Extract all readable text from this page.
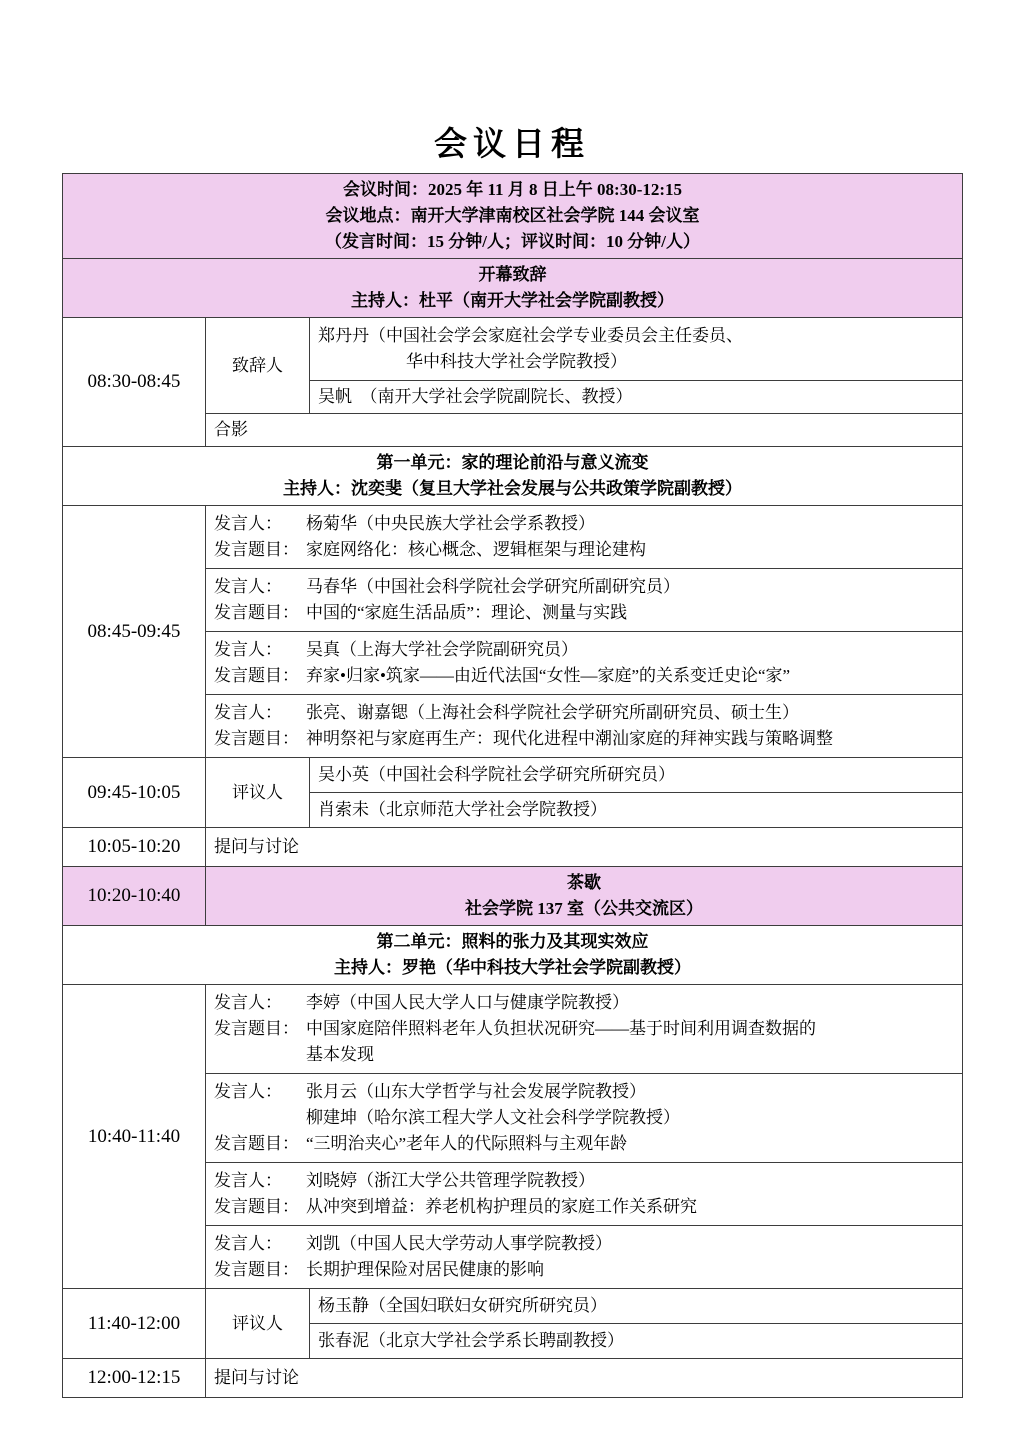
会议日程
会议时间：2025 年 11 月 8 日上午 08:30-12:15
会议地点：南开大学津南校区社会学院 144 会议室
（发言时间：15 分钟/人；评议时间：10 分钟/人）		

开幕致辞
主持人：杜平（南开大学社会学院副教授）		

08:30-08:45	致辞人	郑丹丹（中国社会学会家庭社会学专业委员会主任委员、
华中科技大学社会学院教授）

		吴帆　（南开大学社会学院副院长、教授）
	合影	

第一单元：家的理论前沿与意义流变
主持人：沈奕斐（复旦大学社会发展与公共政策学院副教授）		

08:45-09:45	发言人： 杨菊华（中央民族大学社会学系教授）
发言题目： 家庭网络化：核心概念、逻辑框架与理论建构	

	发言人： 马春华（中国社会科学院社会学研究所副研究员）
发言题目： 中国的“家庭生活品质”：理论、测量与实践	

	发言人： 吴真（上海大学社会学院副研究员）
发言题目： 弃家•归家•筑家——由近代法国“女性—家庭”的关系变迁史论“家”	

	发言人： 张亮、谢嘉锶（上海社会科学院社会学研究所副研究员、硕士生）
发言题目： 神明祭祀与家庭再生产：现代化进程中潮汕家庭的拜神实践与策略调整	

09:45-10:05	评议人	吴小英（中国社会科学院社会学研究所研究员）
		肖索未（北京师范大学社会学院教授）
10:05-10:20	提问与讨论	
10:20-10:40	茶歇
社会学院 137 室（公共交流区）	

第二单元：照料的张力及其现实效应
主持人：罗艳（华中科技大学社会学院副教授）		

10:40-11:40	发言人： 李婷（中国人民大学人口与健康学院教授）
发言题目： 中国家庭陪伴照料老年人负担状况研究——基于时间利用调查数据的
基本发现	

	发言人： 张月云（山东大学哲学与社会发展学院教授）
柳建坤（哈尔滨工程大学人文社会科学学院教授）
发言题目： “三明治夹心”老年人的代际照料与主观年龄	

	发言人： 刘晓婷（浙江大学公共管理学院教授）
发言题目： 从冲突到增益：养老机构护理员的家庭工作关系研究	

	发言人： 刘凯（中国人民大学劳动人事学院教授）
发言题目： 长期护理保险对居民健康的影响	

11:40-12:00	评议人	杨玉静（全国妇联妇女研究所研究员）
		张春泥（北京大学社会学系长聘副教授）
12:00-12:15	提问与讨论	
